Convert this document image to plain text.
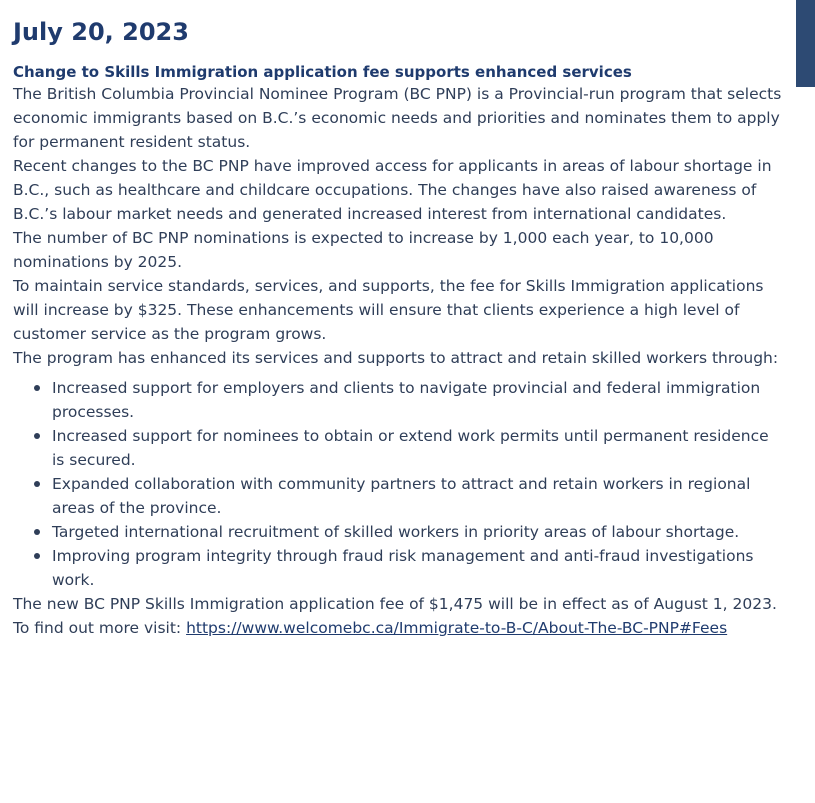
July 20, 2023
Change to Skills Immigration application fee supports enhanced services

The British Columbia Provincial Nominee Program (BC PNP) is a Provincial-run program that selects economic immigrants based on B.C.’s economic needs and priorities and nominates them to apply for permanent resident status.

Recent changes to the BC PNP have improved access for applicants in areas of labour shortage in B.C., such as healthcare and childcare occupations. The changes have also raised awareness of B.C.’s labour market needs and generated increased interest from international candidates.

The number of BC PNP nominations is expected to increase by 1,000 each year, to 10,000 nominations by 2025.

To maintain service standards, services, and supports, the fee for Skills Immigration applications will increase by $325. These enhancements will ensure that clients experience a high level of customer service as the program grows.

The program has enhanced its services and supports to attract and retain skilled workers through:

Increased support for employers and clients to navigate provincial and federal immigration processes.
Increased support for nominees to obtain or extend work permits until permanent residence is secured.
Expanded collaboration with community partners to attract and retain workers in regional areas of the province.
Targeted international recruitment of skilled workers in priority areas of labour shortage.
Improving program integrity through fraud risk management and anti-fraud investigations work.

The new BC PNP Skills Immigration application fee of $1,475 will be in effect as of August 1, 2023. To find out more visit: https://www.welcomebc.ca/Immigrate-to-B-C/About-The-BC-PNP#Fees
